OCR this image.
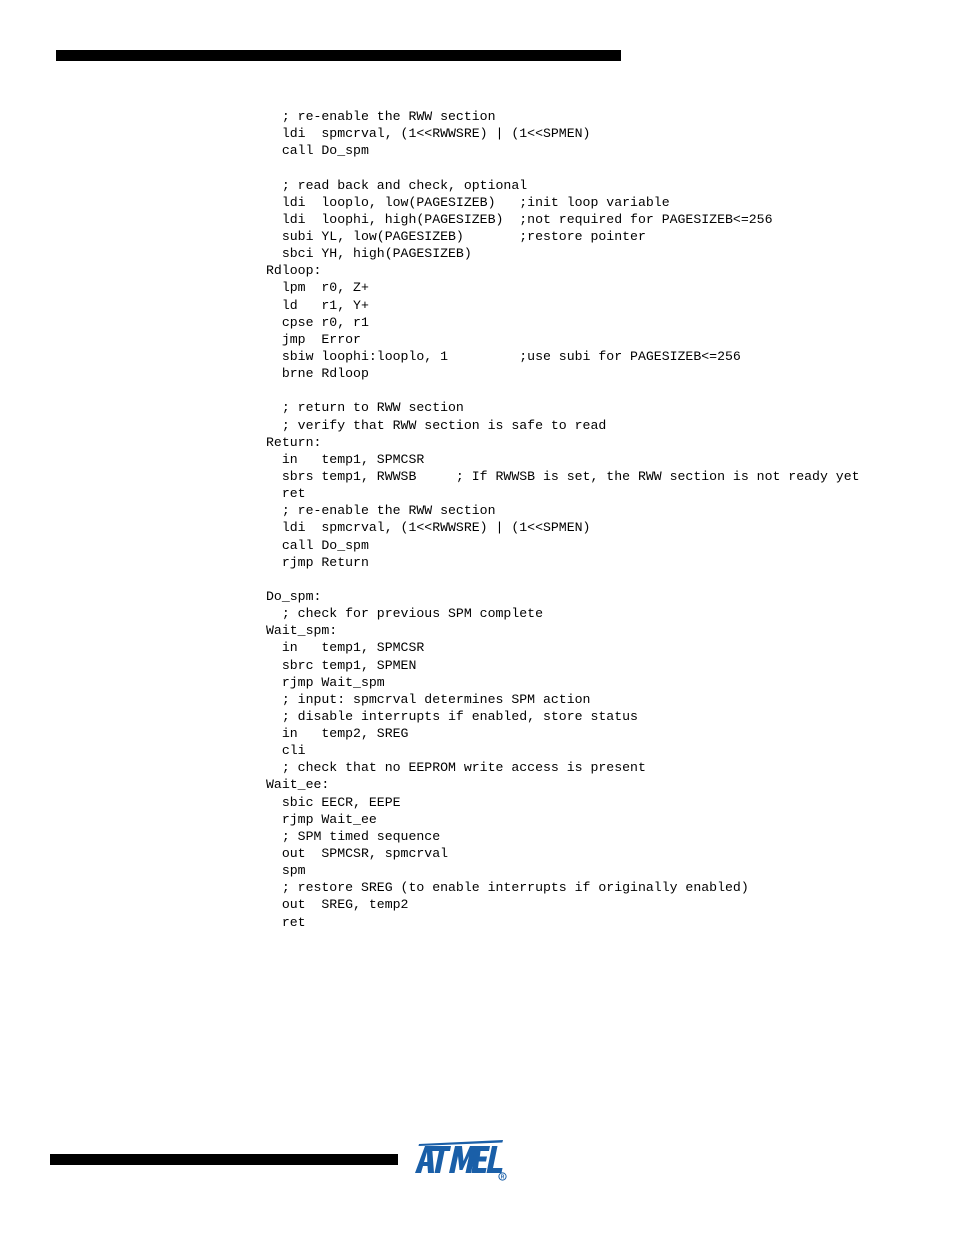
; re-enable the RWW section
ldi  spmcrval, (1<<RWWSRE) | (1<<SPMEN)
call Do_spm
; read back and check, optional
ldi  looplo, low(PAGESIZEB)   ;init loop variable
ldi  loophi, high(PAGESIZEB)  ;not required for PAGESIZEB<=256
subi YL, low(PAGESIZEB)       ;restore pointer
sbci YH, high(PAGESIZEB)
Rdloop:
lpm  r0, Z+
ld   r1, Y+
cpse r0, r1
jmp  Error
sbiw loophi:looplo, 1         ;use subi for PAGESIZEB<=256
brne Rdloop
; return to RWW section
; verify that RWW section is safe to read
Return:
in   temp1, SPMCSR
sbrs temp1, RWWSB     ; If RWWSB is set, the RWW section is not ready yet
ret
; re-enable the RWW section
ldi  spmcrval, (1<<RWWSRE) | (1<<SPMEN)
call Do_spm
rjmp Return
Do_spm:
; check for previous SPM complete
Wait_spm:
in   temp1, SPMCSR
sbrc temp1, SPMEN
rjmp Wait_spm
; input: spmcrval determines SPM action
; disable interrupts if enabled, store status
in   temp2, SREG
cli
; check that no EEPROM write access is present
Wait_ee:
sbic EECR, EEPE
rjmp Wait_ee
; SPM timed sequence
out  SPMCSR, spmcrval
spm
; restore SREG (to enable interrupts if originally enabled)
out  SREG, temp2
ret
R
